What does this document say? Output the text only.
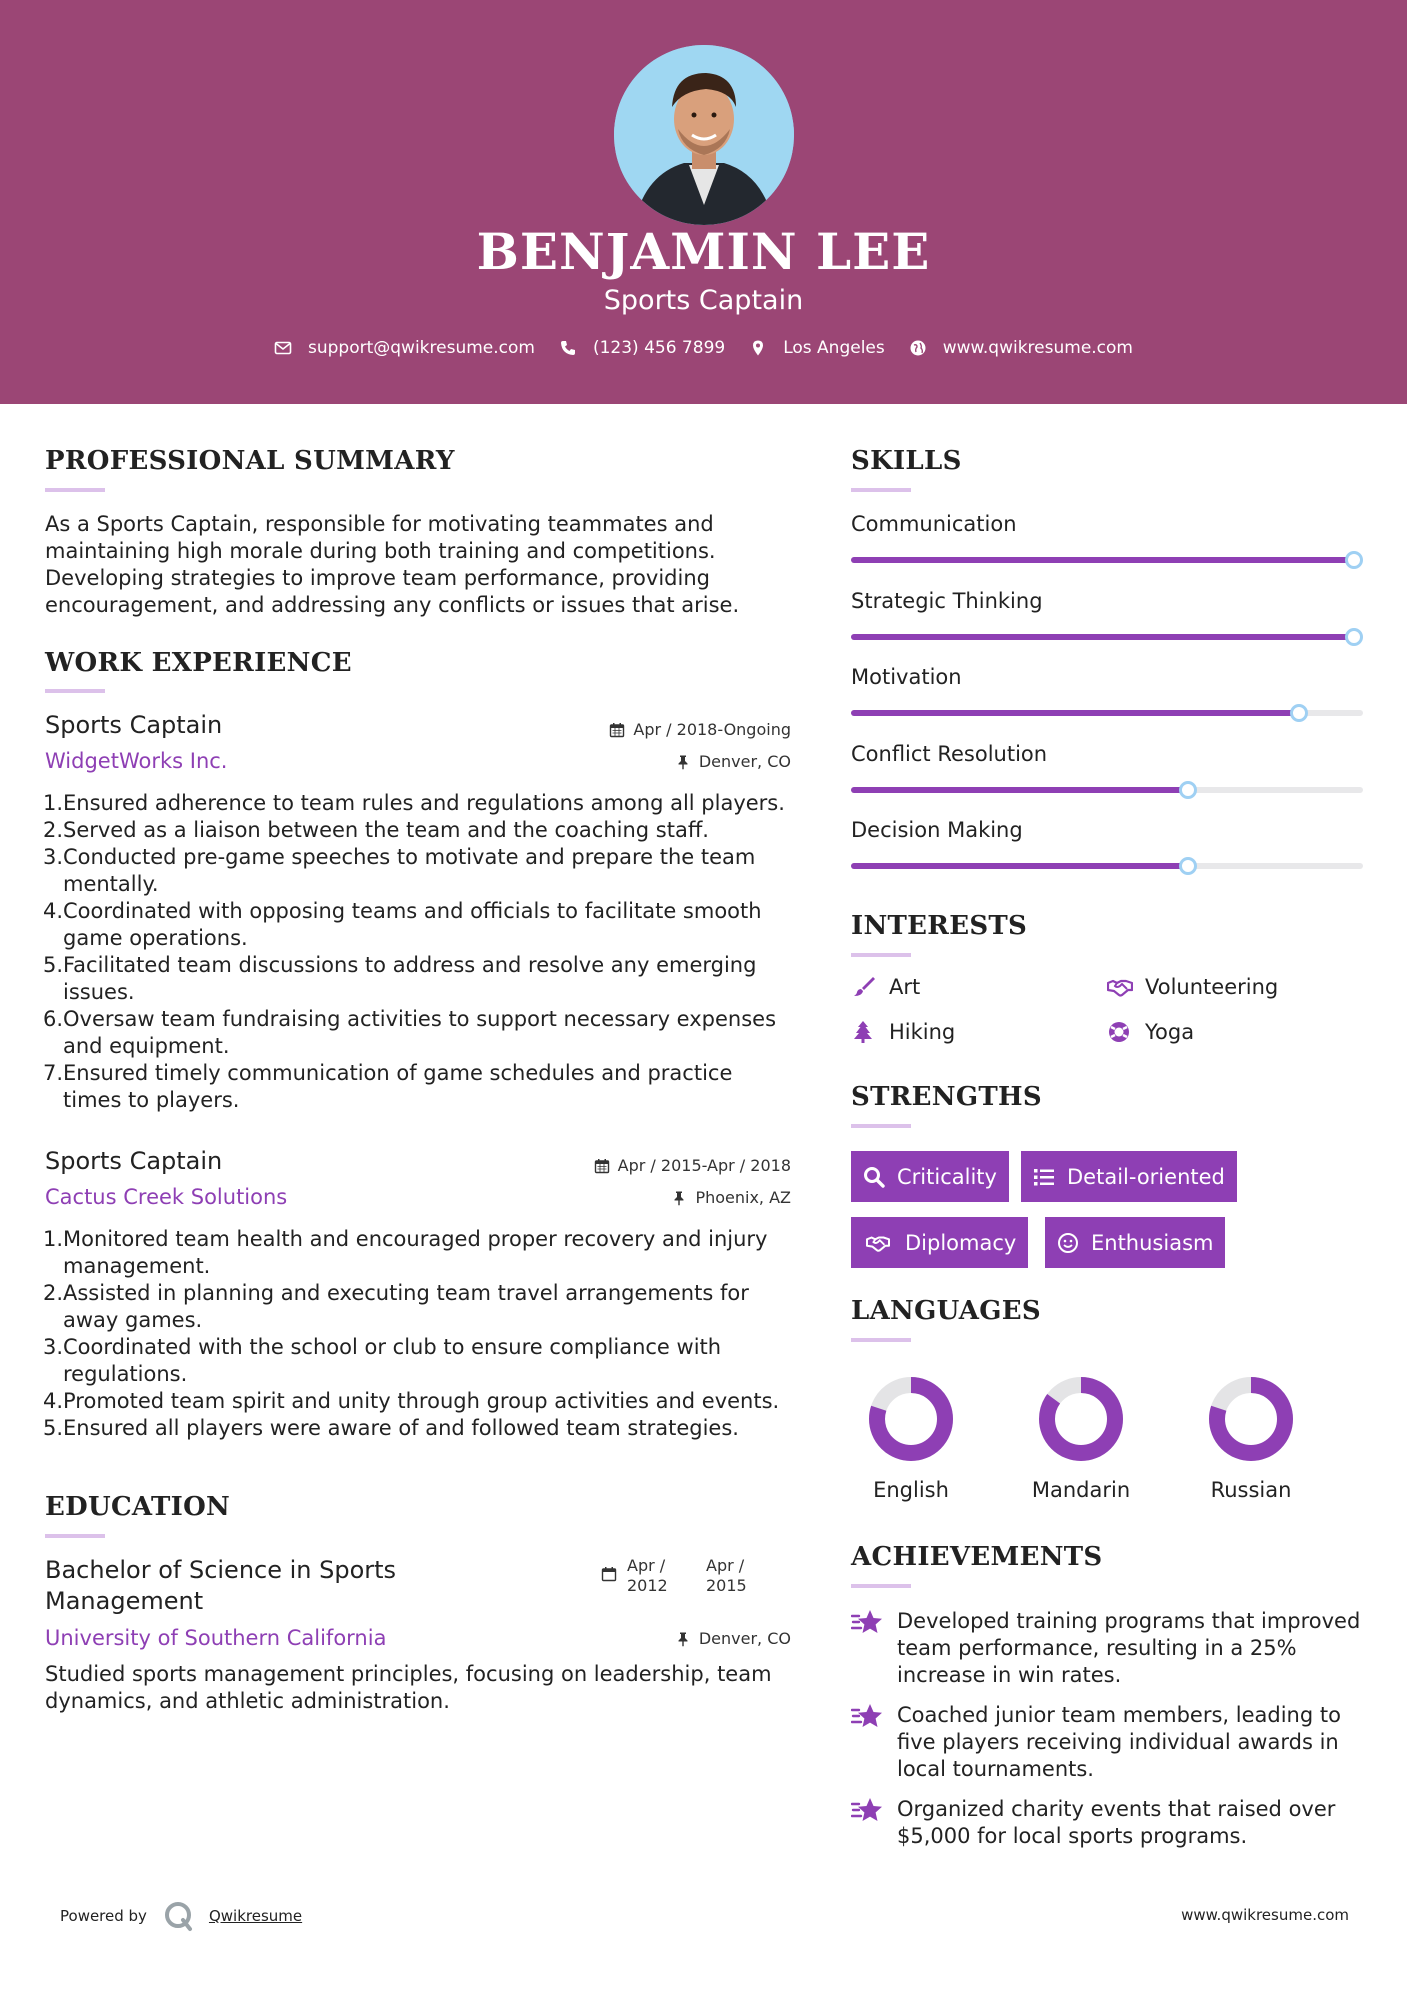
BENJAMIN LEE
Sports Captain
support@qwikresume.com	(123) 456 7899	Los Angeles	www.qwikresume.com
PROFESSIONAL SUMMARY
As a Sports Captain, responsible for motivating teammates and maintaining high morale during both training and competitions. Developing strategies to improve team performance, providing encouragement, and addressing any conflicts or issues that arise.
WORK EXPERIENCE
Sports Captain	Apr / 2018-Ongoing
WidgetWorks Inc.	Denver, CO
1. Ensured adherence to team rules and regulations among all players.
2. Served as a liaison between the team and the coaching staff.
3. Conducted pre-game speeches to motivate and prepare the team mentally.
4. Coordinated with opposing teams and officials to facilitate smooth game operations.
5. Facilitated team discussions to address and resolve any emerging issues.
6. Oversaw team fundraising activities to support necessary expenses and equipment.
7. Ensured timely communication of game schedules and practice times to players.
Sports Captain	Apr / 2015-Apr / 2018
Cactus Creek Solutions	Phoenix, AZ
1. Monitored team health and encouraged proper recovery and injury management.
2. Assisted in planning and executing team travel arrangements for away games.
3. Coordinated with the school or club to ensure compliance with regulations.
4. Promoted team spirit and unity through group activities and events.
5. Ensured all players were aware of and followed team strategies.
EDUCATION
Bachelor of Science in Sports Management
Apr /
2012
Apr /
2015
University of Southern California	Denver, CO
Studied sports management principles, focusing on leadership, team dynamics, and athletic administration.
SKILLS
Communication
Strategic Thinking
Motivation
Conflict Resolution
Decision Making
INTERESTS
Art	Volunteering
Hiking	Yoga
STRENGTHS
Criticality	Detail-oriented
Diplomacy	Enthusiasm
LANGUAGES
English	Mandarin	Russian
ACHIEVEMENTS
Developed training programs that improved team performance, resulting in a 25% increase in win rates.
Coached junior team members, leading to five players receiving individual awards in local tournaments.
Organized charity events that raised over $5,000 for local sports programs.
Powered by	Qwikresume	www.qwikresume.com
